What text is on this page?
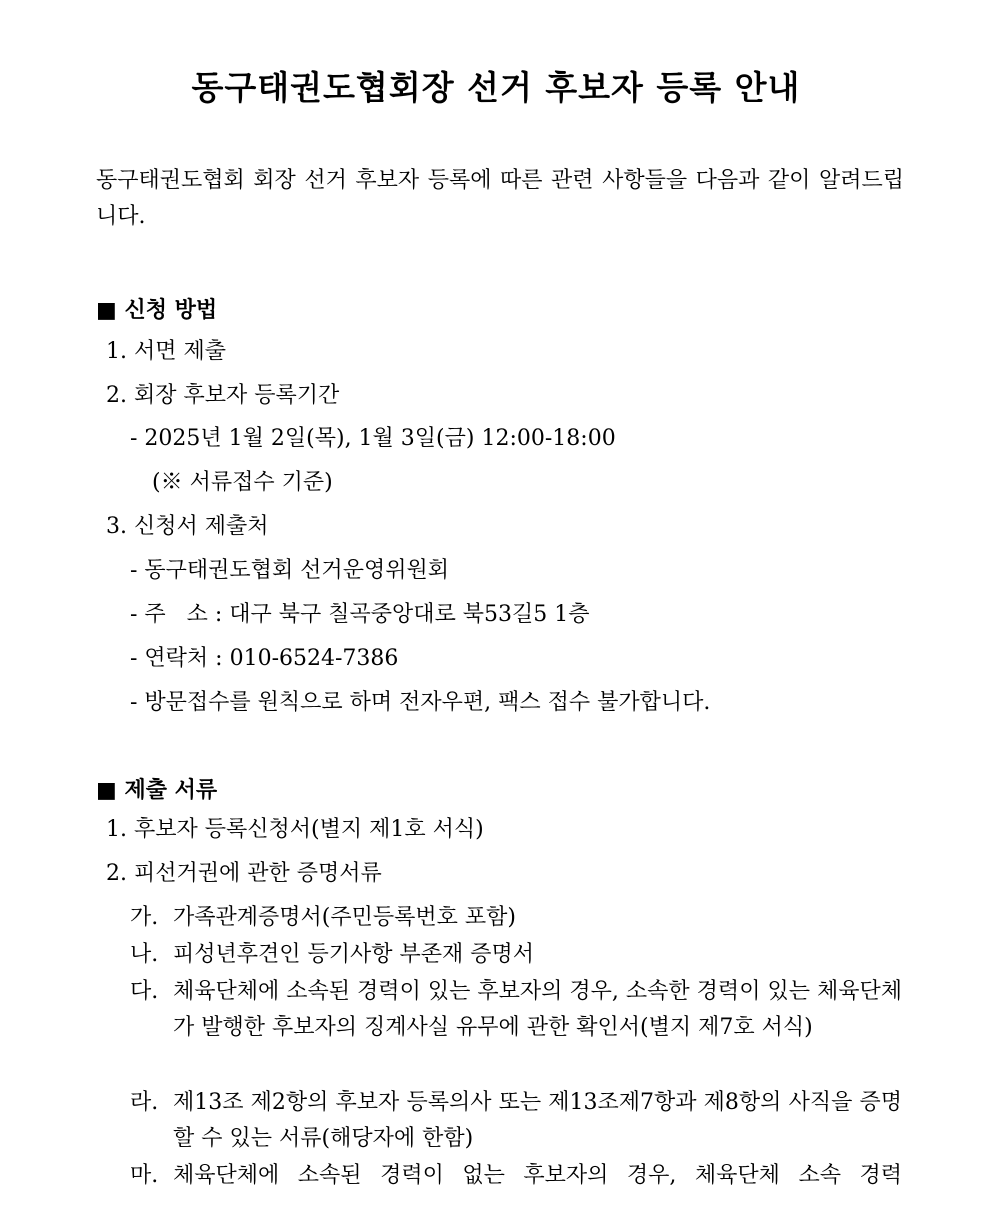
동구태권도협회장 선거 후보자 등록 안내
동구태권도협회 회장 선거 후보자 등록에 따른 관련 사항들을 다음과 같이 알려드립니다.
■ 신청 방법
1. 서면 제출
2. 회장 후보자 등록기간
- 2025년 1월 2일(목), 1월 3일(금) 12:00-18:00
(※ 서류접수 기준)
3. 신청서 제출처
- 동구태권도협회 선거운영위원회
- 주   소 : 대구 북구 칠곡중앙대로 북53길5 1층
- 연락처 : 010-6524-7386
- 방문접수를 원칙으로 하며 전자우편, 팩스 접수 불가합니다.
■ 제출 서류
1. 후보자 등록신청서(별지 제1호 서식)
2. 피선거권에 관한 증명서류
가. 가족관계증명서(주민등록번호 포함)
나. 피성년후견인 등기사항 부존재 증명서
다. 체육단체에 소속된 경력이 있는 후보자의 경우, 소속한 경력이 있는 체육단체가 발행한 후보자의 징계사실 유무에 관한 확인서(별지 제7호 서식)
라. 제13조 제2항의 후보자 등록의사 또는 제13조제7항과 제8항의 사직을 증명할 수 있는 서류(해당자에 한함)
마. 체육단체에 소속된 경력이 없는 후보자의 경우, 체육단체 소속 경력
